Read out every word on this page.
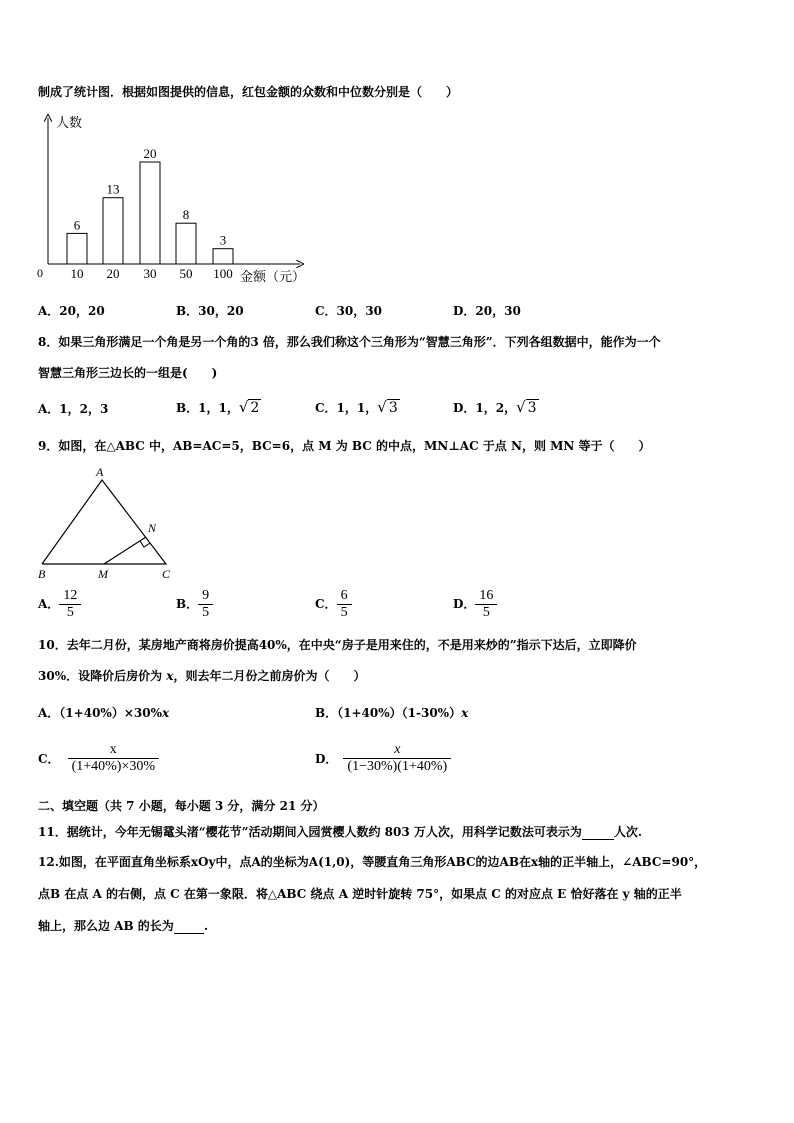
制成了统计图．根据如图提供的信息，红包金额的众数和中位数分别是（　　）
人数
金额（元）
0
6
10
13
20
20
30
8
50
3
100
A．20，20	B．30，20	C．30，30	D．20，30
8．如果三角形满足一个角是另一个角的3 倍，那么我们称这个三角形为“智慧三角形”．下列各组数据中，能作为一个
智慧三角形三边长的一组是(　　)
A．1，2，3	B．1，1，√ 2	C．1，1，√ 3	D．1，2，√ 3
9．如图，在△ABC 中，AB=AC=5，BC=6，点 M 为 BC 的中点，MN⊥AC 于点 N，则 MN 等于（　　）
A
B	C
M
N
A． $\frac{12}{5}$	B． $\frac{9}{5}$	C． $\frac{6}{5}$	D． $\frac{16}{5}$
10．去年二月份，某房地产商将房价提高40%，在中央“房子是用来住的，不是用来炒的”指示下达后，立即降价
30%．设降价后房价为 x，则去年二月份之前房价为（　　）
A．（1+40%）×30%x	B．（1+40%）（1-30%）x
C． $\frac{x}{(1+40\%)\times 30\%}$	D． $\frac{x}{(1-30\%)(1+40\%)}$
二、填空题（共 7 小题，每小题 3 分，满分 21 分）
11．据统计，今年无锡鼋头渚“樱花节”活动期间入园赏樱人数约 803 万人次，用科学记数法可表示为	人次.
12.如图，在平面直角坐标系xOy中，点A的坐标为A(1,0)，等腰直角三角形ABC的边AB在x轴的正半轴上，∠ABC=90°，
点B 在点 A 的右侧，点 C 在第一象限．将△ABC 绕点 A 逆时针旋转 75°，如果点 C 的对应点 E 恰好落在 y 轴的正半
轴上，那么边 AB 的长为	.
